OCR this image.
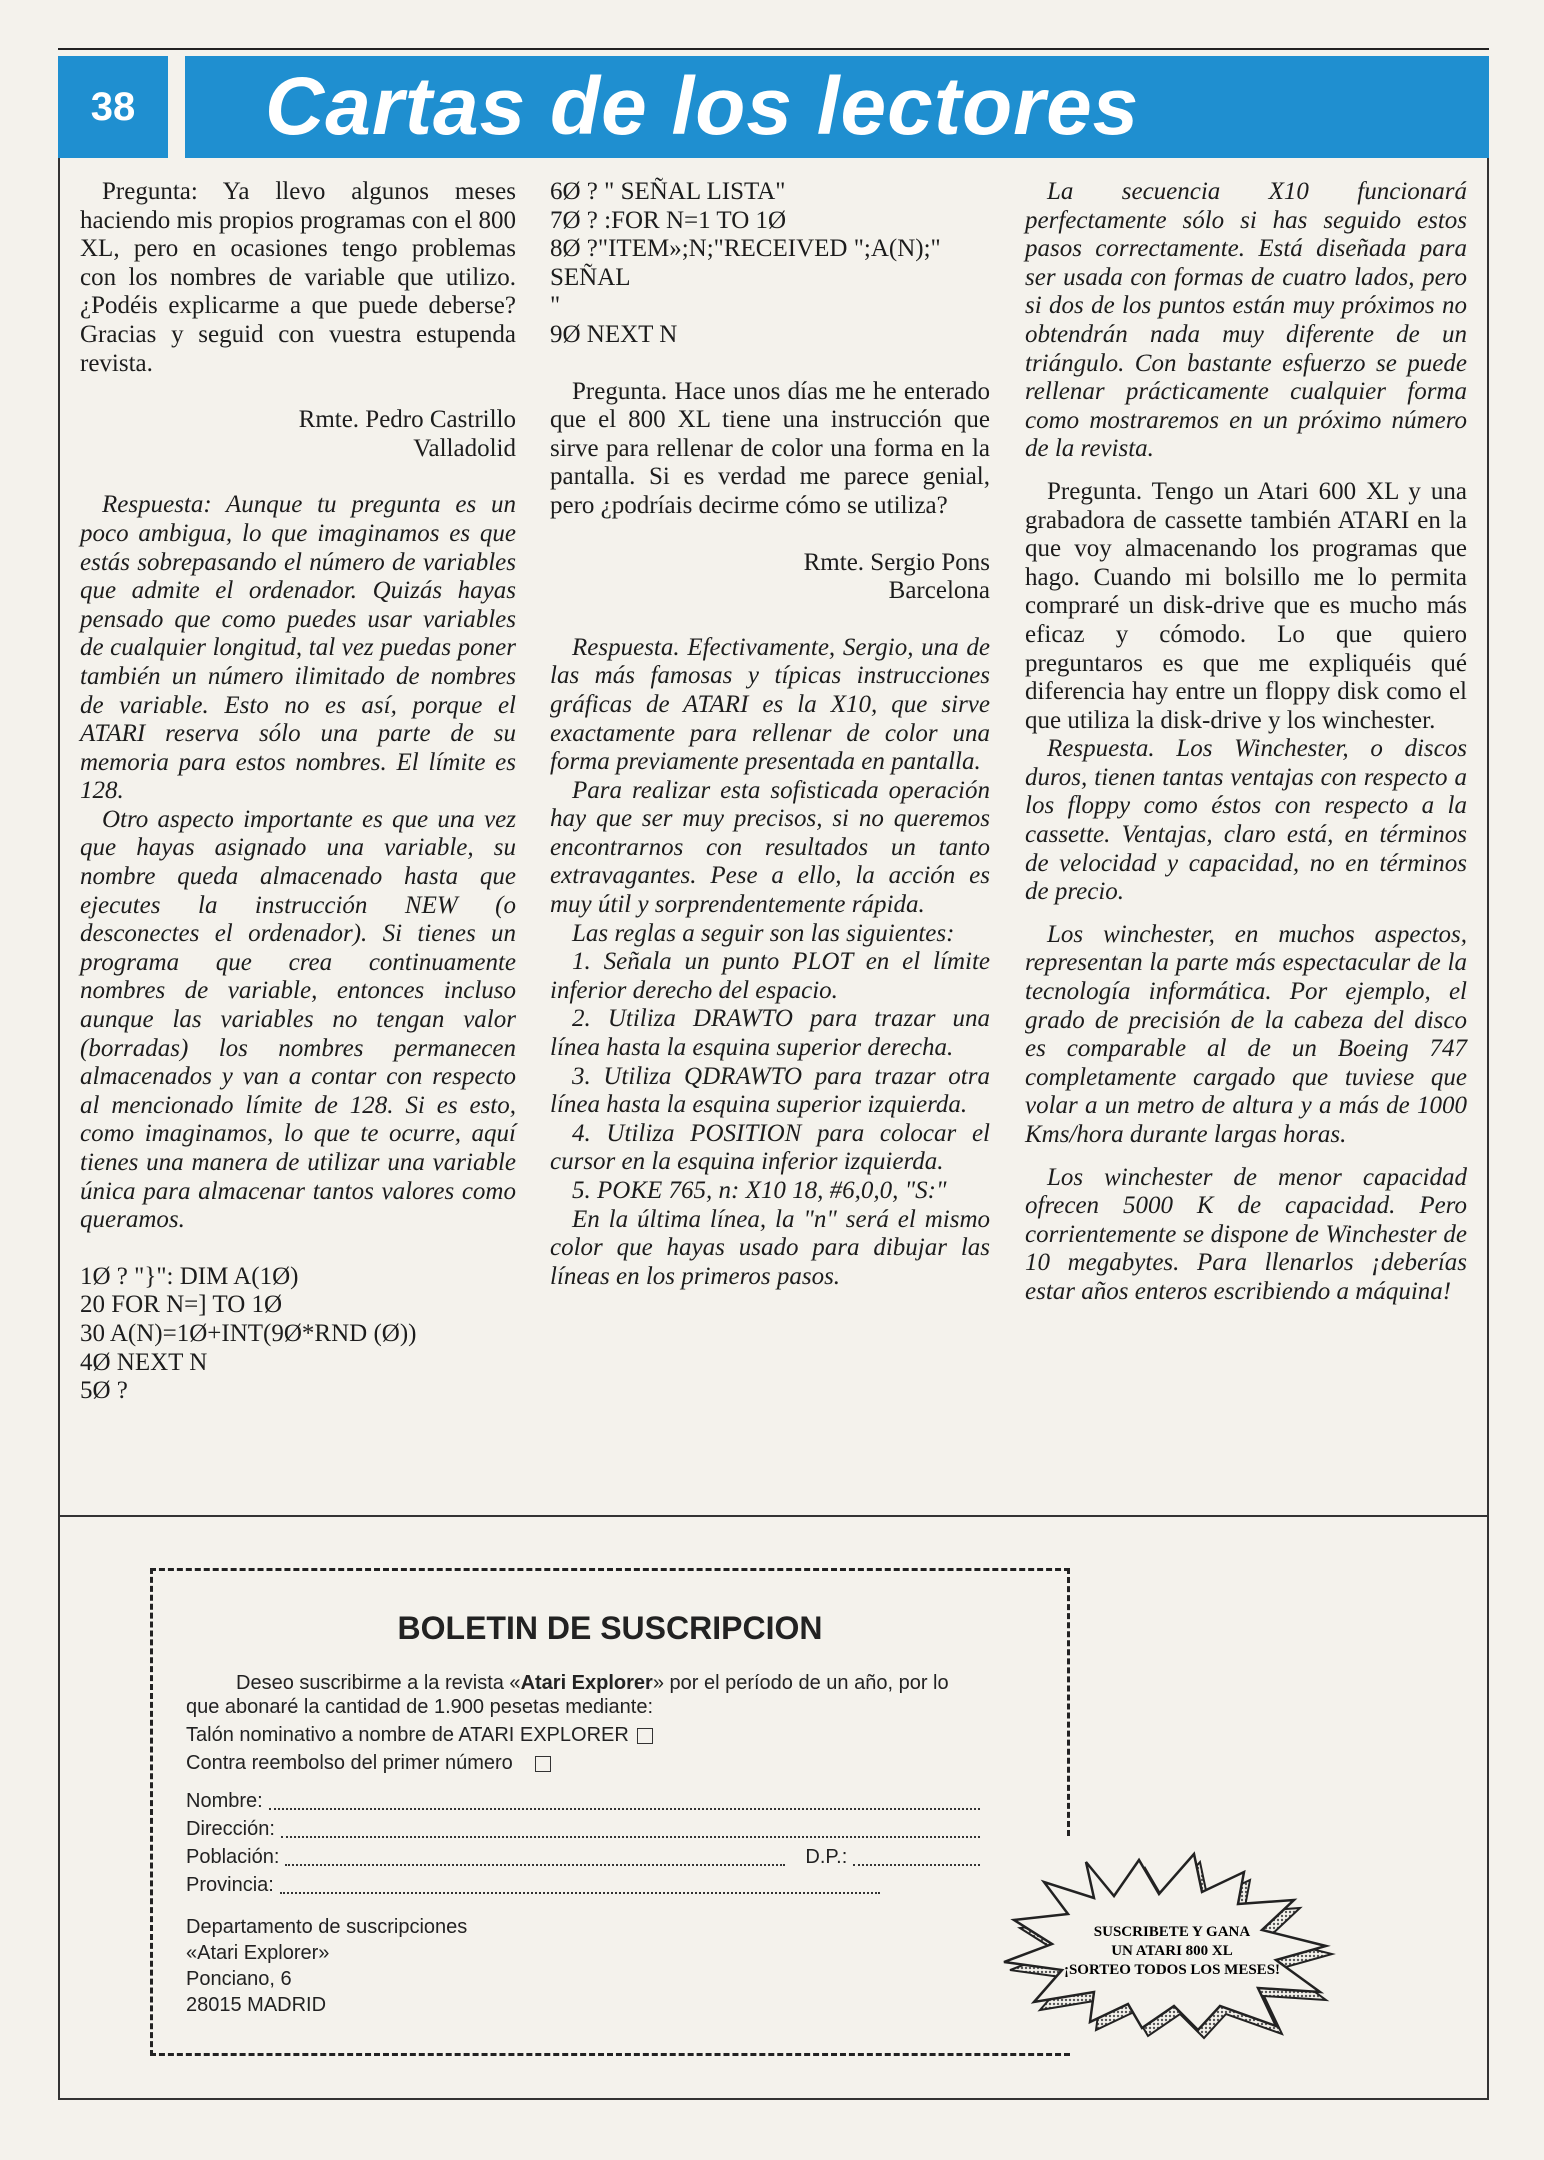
38	Cartas de los lectores

Pregunta: Ya llevo algunos meses haciendo mis propios programas con el 800 XL, pero en ocasiones tengo problemas con los nombres de variable que utilizo. ¿Podéis explicarme a que puede deberse? Gracias y seguid con vuestra estupenda revista.

Rmte. Pedro Castrillo

Valladolid

Respuesta: Aunque tu pregunta es un poco ambigua, lo que imaginamos es que estás sobrepasando el número de variables que admite el ordenador. Quizás hayas pensado que como puedes usar variables de cualquier longitud, tal vez puedas poner también un número ilimitado de nombres de variable. Esto no es así, porque el ATARI reserva sólo una parte de su memoria para estos nombres. El límite es 128.

Otro aspecto importante es que una vez que hayas asignado una variable, su nombre queda almacenado hasta que ejecutes la instrucción NEW (o desconectes el ordenador). Si tienes un programa que crea continuamente nombres de variable, entonces incluso aunque las variables no tengan valor (borradas) los nombres permanecen almacenados y van a contar con respecto al mencionado límite de 128. Si es esto, como imaginamos, lo que te ocurre, aquí tienes una manera de utilizar una variable única para almacenar tantos valores como queramos.

1Ø ? "}": DIM A(1Ø)

20 FOR N=] TO 1Ø

30 A(N)=1Ø+INT(9Ø*RND (Ø))

4Ø NEXT N

5Ø ?

6Ø ? " SEÑAL LISTA"

7Ø ? :FOR N=1 TO 1Ø

8Ø ?"ITEM»;N;"RECEIVED ";A(N);"

SEÑAL

"

9Ø NEXT N

Pregunta. Hace unos días me he enterado que el 800 XL tiene una instrucción que sirve para rellenar de color una forma en la pantalla. Si es verdad me parece genial, pero ¿podríais decirme cómo se utiliza?

Rmte. Sergio Pons

Barcelona

Respuesta. Efectivamente, Sergio, una de las más famosas y típicas instrucciones gráficas de ATARI es la X10, que sirve exactamente para rellenar de color una forma previamente presentada en pantalla.

Para realizar esta sofisticada operación hay que ser muy precisos, si no queremos encontrarnos con resultados un tanto extravagantes. Pese a ello, la acción es muy útil y sorprendentemente rápida.

Las reglas a seguir son las siguientes:

1. Señala un punto PLOT en el límite inferior derecho del espacio.

2. Utiliza DRAWTO para trazar una línea hasta la esquina superior derecha.

3. Utiliza QDRAWTO para trazar otra línea hasta la esquina superior izquierda.

4. Utiliza POSITION para colocar el cursor en la esquina inferior izquierda.

5. POKE 765, n: X10 18, #6,0,0, "S:"

En la última línea, la "n" será el mismo color que hayas usado para dibujar las líneas en los primeros pasos.

La secuencia X10 funcionará perfectamente sólo si has seguido estos pasos correctamente. Está diseñada para ser usada con formas de cuatro lados, pero si dos de los puntos están muy próximos no obtendrán nada muy diferente de un triángulo. Con bastante esfuerzo se puede rellenar prácticamente cualquier forma como mostraremos en un próximo número de la revista.

Pregunta. Tengo un Atari 600 XL y una grabadora de cassette también ATARI en la que voy almacenando los programas que hago. Cuando mi bolsillo me lo permita compraré un disk-drive que es mucho más eficaz y cómodo. Lo que quiero preguntaros es que me expliquéis qué diferencia hay entre un floppy disk como el que utiliza la disk-drive y los winchester.

Respuesta. Los Winchester, o discos duros, tienen tantas ventajas con respecto a los floppy como éstos con respecto a la cassette. Ventajas, claro está, en términos de velocidad y capacidad, no en términos de precio.

Los winchester, en muchos aspectos, representan la parte más espectacular de la tecnología informática. Por ejemplo, el grado de precisión de la cabeza del disco es comparable al de un Boeing 747 completamente cargado que tuviese que volar a un metro de altura y a más de 1000 Kms/hora durante largas horas.

Los winchester de menor capacidad ofrecen 5000 K de capacidad. Pero corrientemente se dispone de Winchester de 10 megabytes. Para llenarlos ¡deberías estar años enteros escribiendo a máquina!

BOLETIN DE SUSCRIPCION
Deseo suscribirme a la revista «Atari Explorer» por el período de un año, por lo
que abonaré la cantidad de 1.900 pesetas mediante:
Talón nominativo a nombre de ATARI EXPLORER
Contra reembolso del primer número
Nombre:
Dirección:
Población:	D.P.:
Provincia:
Departamento de suscripciones
«Atari Explorer»
Ponciano, 6
28015 MADRID
SUSCRIBETE Y GANA
UN ATARI 800 XL
¡SORTEO TODOS LOS MESES!
